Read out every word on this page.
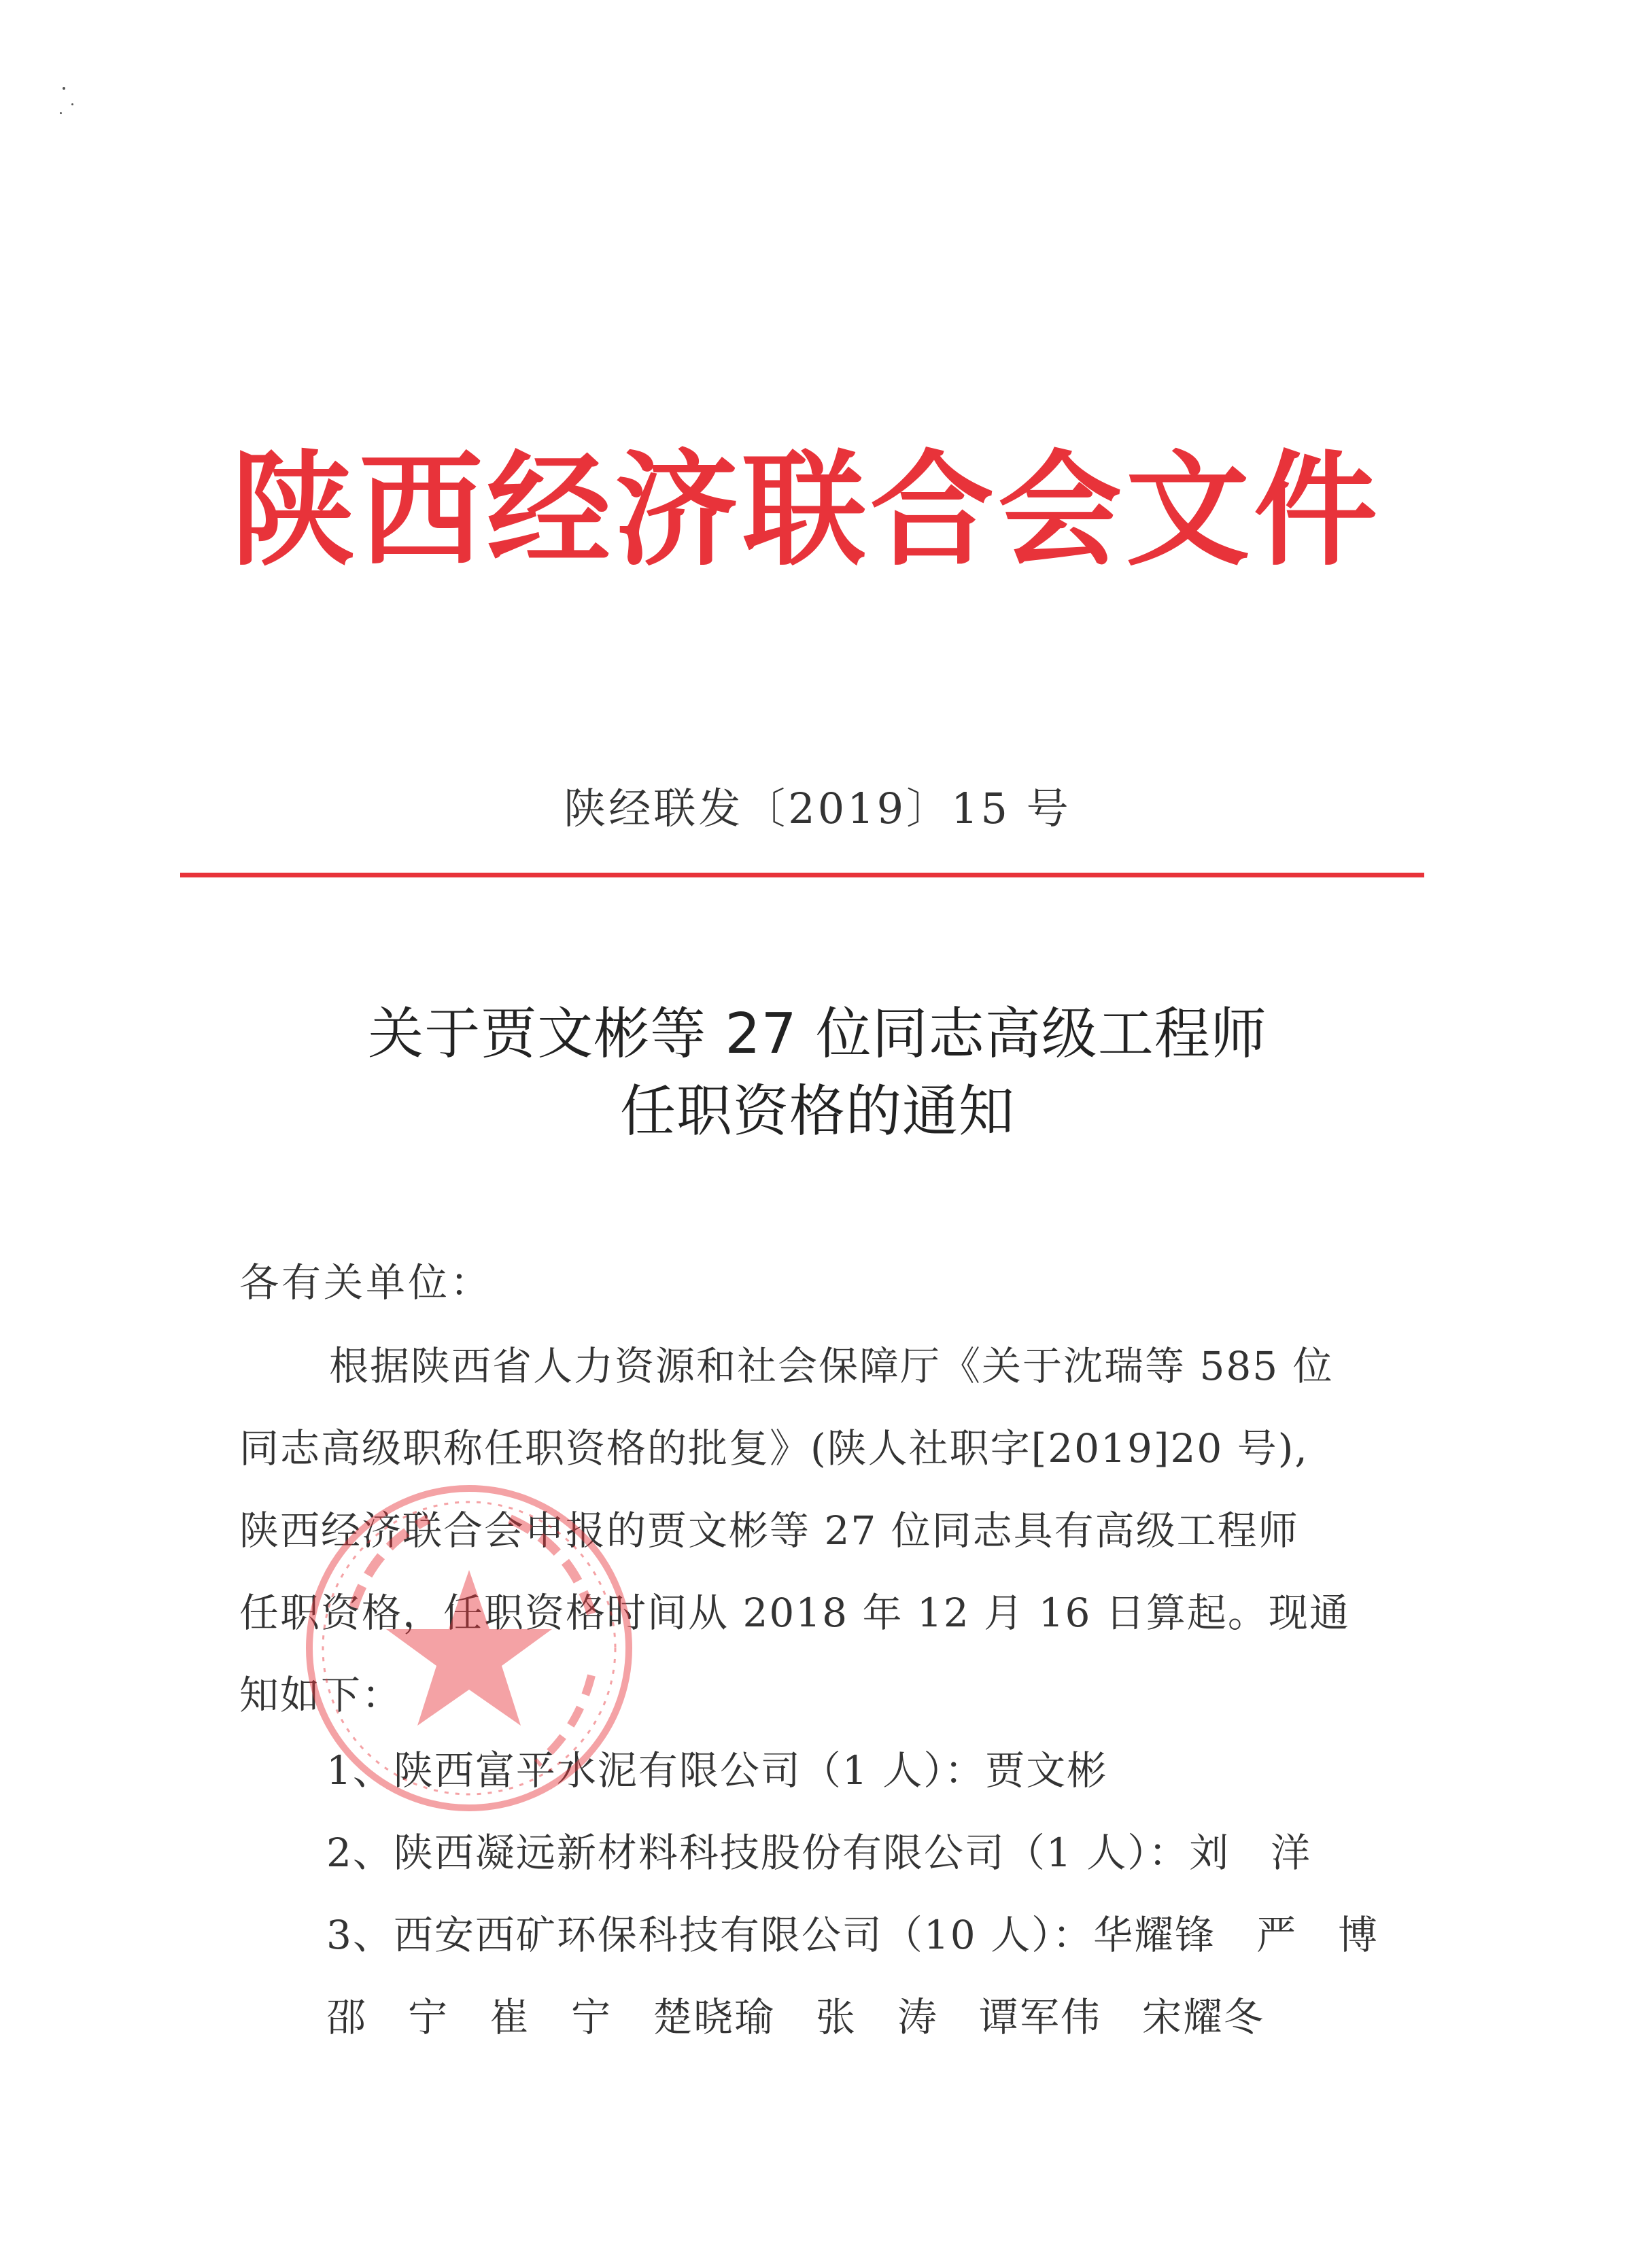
陕西经济联合会文件
陕经联发〔2019〕15 号
关于贾文彬等 27 位同志高级工程师
任职资格的通知
各有关单位：
根据陕西省人力资源和社会保障厅《关于沈瑞等 585 位
同志高级职称任职资格的批复》(陕人社职字[2019]20 号),
陕西经济联合会申报的贾文彬等 27 位同志具有高级工程师
任职资格，任职资格时间从 2018 年 12 月 16 日算起。现通
知如下：
1、陕西富平水泥有限公司（1 人）：贾文彬
2、陕西凝远新材料科技股份有限公司（1 人）：刘　洋
3、西安西矿环保科技有限公司（10 人）：华耀锋　严　博
邵　宁　崔　宁　楚晓瑜　张　涛　谭军伟　宋耀冬
